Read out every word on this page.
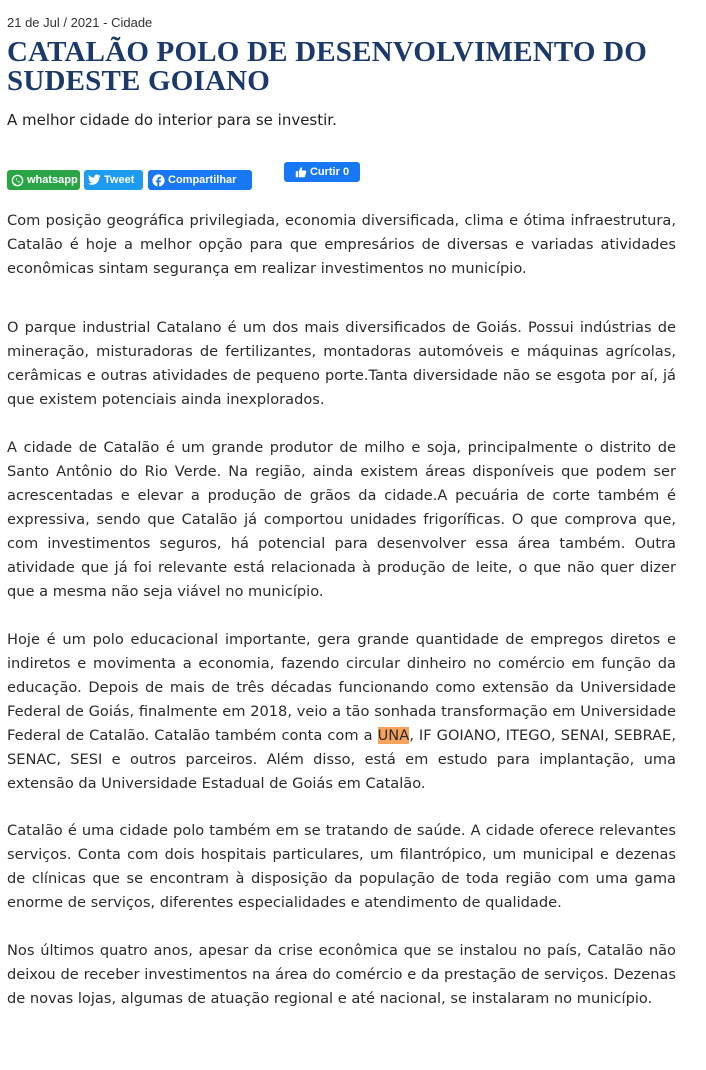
21 de Jul / 2021 - Cidade
CATALÃO POLO DE DESENVOLVIMENTO DO SUDESTE GOIANO

A melhor cidade do interior para se investir.

whatsapp Tweet	Compartilhar
Curtir 0

Com posição geográfica privilegiada, economia diversificada, clima e ótima infraestrutura, Catalão é hoje a melhor opção para que empresários de diversas e variadas atividades econômicas sintam segurança em realizar investimentos no município.

O parque industrial Catalano é um dos mais diversificados de Goiás. Possui indústrias de mineração, misturadoras de fertilizantes, montadoras automóveis e máquinas agrícolas, cerâmicas e outras atividades de pequeno porte.Tanta diversidade não se esgota por aí, já que existem potenciais ainda inexplorados.

A cidade de Catalão é um grande produtor de milho e soja, principalmente o distrito de Santo Antônio do Rio Verde. Na região, ainda existem áreas disponíveis que podem ser acrescentadas e elevar a produção de grãos da cidade.A pecuária de corte também é expressiva, sendo que Catalão já comportou unidades frigoríficas. O que comprova que, com investimentos seguros, há potencial para desenvolver essa área também. Outra atividade que já foi relevante está relacionada à produção de leite, o que não quer dizer que a mesma não seja viável no município.

Hoje é um polo educacional importante, gera grande quantidade de empregos diretos e indiretos e movimenta a economia, fazendo circular dinheiro no comércio em função da educação. Depois de mais de três décadas funcionando como extensão da Universidade Federal de Goiás, finalmente em 2018, veio a tão sonhada transformação em Universidade Federal de Catalão. Catalão também conta com a UNA, IF GOIANO, ITEGO, SENAI, SEBRAE, SENAC, SESI e outros parceiros. Além disso, está em estudo para implantação, uma extensão da Universidade Estadual de Goiás em Catalão.

Catalão é uma cidade polo também em se tratando de saúde. A cidade oferece relevantes serviços. Conta com dois hospitais particulares, um filantrópico, um municipal e dezenas de clínicas que se encontram à disposição da população de toda região com uma gama enorme de serviços, diferentes especialidades e atendimento de qualidade.

Nos últimos quatro anos, apesar da crise econômica que se instalou no país, Catalão não deixou de receber investimentos na área do comércio e da prestação de serviços. Dezenas de novas lojas, algumas de atuação regional e até nacional, se instalaram no município.
